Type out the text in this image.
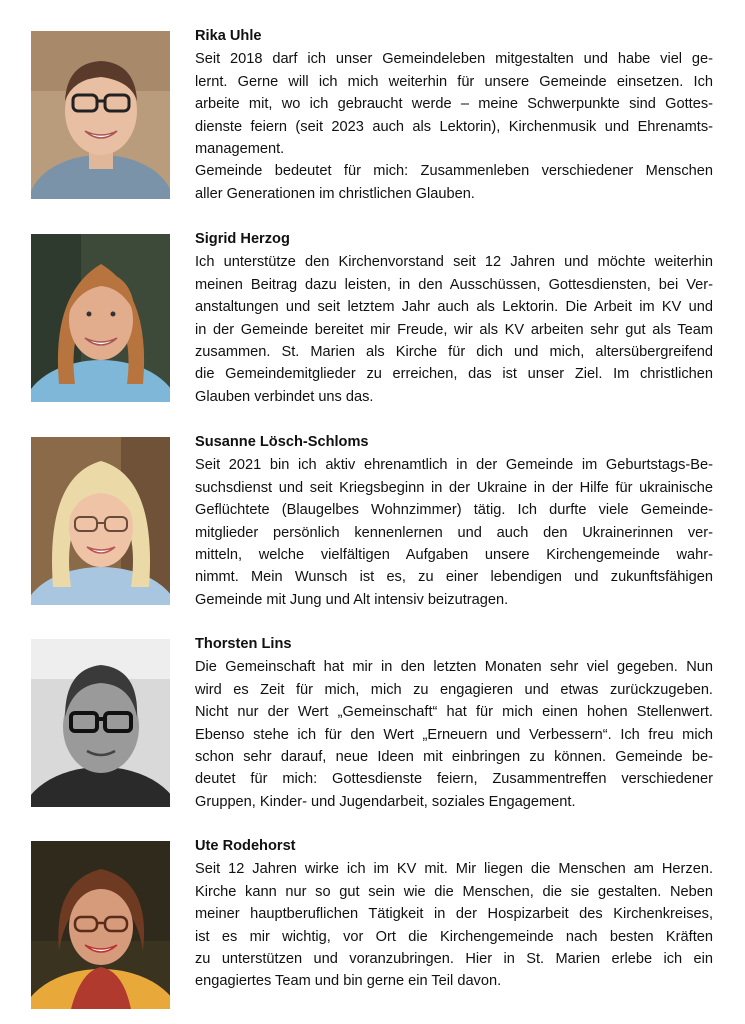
Rika Uhle
Seit 2018 darf ich unser Gemeindeleben mitgestalten und habe viel ge-
lernt. Gerne will ich mich weiterhin für unsere Gemeinde einsetzen. Ich
arbeite mit, wo ich gebraucht werde – meine Schwerpunkte sind Gottes-
dienste feiern (seit 2023 auch als Lektorin), Kirchenmusik und Ehrenamts-
management.
Gemeinde bedeutet für mich: Zusammenleben verschiedener Menschen
aller Generationen im christlichen Glauben.
Sigrid Herzog
Ich unterstütze den Kirchenvorstand seit 12 Jahren und möchte weiterhin
meinen Beitrag dazu leisten, in den Ausschüssen, Gottesdiensten, bei Ver-
anstaltungen und seit letztem Jahr auch als Lektorin. Die Arbeit im KV und
in der Gemeinde bereitet mir Freude, wir als KV arbeiten sehr gut als Team
zusammen. St. Marien als Kirche für dich und mich, altersübergreifend
die Gemeindemitglieder zu erreichen, das ist unser Ziel. Im christlichen
Glauben verbindet uns das.
Susanne Lösch-Schloms
Seit 2021 bin ich aktiv ehrenamtlich in der Gemeinde im Geburtstags-Be-
suchsdienst und seit Kriegsbeginn in der Ukraine in der Hilfe für ukrainische
Geflüchtete (Blaugelbes Wohnzimmer) tätig. Ich durfte viele Gemeinde-
mitglieder persönlich kennenlernen und auch den Ukrainerinnen ver-
mitteln, welche vielfältigen Aufgaben unsere Kirchengemeinde wahr-
nimmt. Mein Wunsch ist es, zu einer lebendigen und zukunftsfähigen
Gemeinde mit Jung und Alt intensiv beizutragen.
Thorsten Lins
Die Gemeinschaft hat mir in den letzten Monaten sehr viel gegeben. Nun
wird es Zeit für mich, mich zu engagieren und etwas zurückzugeben.
Nicht nur der Wert „Gemeinschaft“ hat für mich einen hohen Stellenwert.
Ebenso stehe ich für den Wert „Erneuern und Verbessern“. Ich freu mich
schon sehr darauf, neue Ideen mit einbringen zu können. Gemeinde be-
deutet für mich: Gottesdienste feiern, Zusammentreffen verschiedener
Gruppen, Kinder- und Jugendarbeit, soziales Engagement.
Ute Rodehorst
Seit 12 Jahren wirke ich im KV mit. Mir liegen die Menschen am Herzen.
Kirche kann nur so gut sein wie die Menschen, die sie gestalten. Neben
meiner hauptberuflichen Tätigkeit in der Hospizarbeit des Kirchenkreises,
ist es mir wichtig, vor Ort die Kirchengemeinde nach besten Kräften
zu unterstützen und voranzubringen. Hier in St. Marien erlebe ich ein
engagiertes Team und bin gerne ein Teil davon.
